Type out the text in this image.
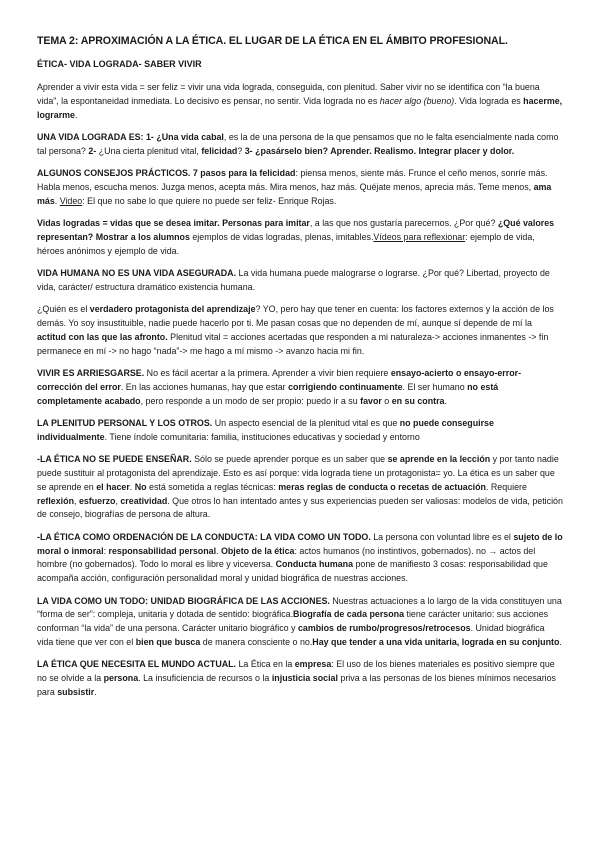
TEMA 2: APROXIMACIÓN A LA ÉTICA. EL LUGAR DE LA ÉTICA EN EL ÁMBITO PROFESIONAL.
ÉTICA- VIDA LOGRADA- SABER VIVIR

Aprender a vivir esta vida = ser feliz = vivir una vida lograda, conseguida, con plenitud. Saber vivir no se identifica con “la buena vida”, la espontaneidad inmediata. Lo decisivo es pensar, no sentir. Vida lograda no es hacer algo (bueno). Vida lograda es hacerme, lograrme.

UNA VIDA LOGRADA ES: 1- ¿Una vida cabal, es la de una persona de la que pensamos que no le falta esencialmente nada como tal persona? 2- ¿Una cierta plenitud vital, felicidad? 3- ¿pasárselo bien? Aprender. Realismo. Integrar placer y dolor.

ALGUNOS CONSEJOS PRÁCTICOS. 7 pasos para la felicidad: piensa menos, siente más. Frunce el ceño menos, sonríe más. Habla menos, escucha menos. Juzga menos, acepta más. Mira menos, haz más. Quéjate menos, aprecia más. Teme menos, ama más. Video: El que no sabe lo que quiere no puede ser feliz- Enrique Rojas.

Vidas logradas = vidas que se desea imitar. Personas para imitar, a las que nos gustaría parecernos. ¿Por qué? ¿Qué valores representan? Mostrar a los alumnos ejemplos de vidas logradas, plenas, imitables.Vídeos para reflexionar: ejemplo de vida, héroes anónimos y ejemplo de vida.

VIDA HUMANA NO ES UNA VIDA ASEGURADA. La vida humana puede malograrse o lograrse. ¿Por qué? Libertad, proyecto de vida, carácter/ estructura dramático existencia humana.

¿Quién es el verdadero protagonista del aprendizaje? YO, pero hay que tener en cuenta: los factores externos y la acción de los demás. Yo soy insustituible, nadie puede hacerlo por ti. Me pasan cosas que no dependen de mí, aunque sí depende de mí la actitud con las que las afronto. Plenitud vital = acciones acertadas que responden a mi naturaleza-> acciones inmanentes -> fin permanece en mí -> no hago “nada”-> me hago a mí mismo -> avanzo hacia mi fin.

VIVIR ES ARRIESGARSE. No es fácil acertar a la primera. Aprender a vivir bien requiere ensayo-acierto o ensayo-error-corrección del error. En las acciones humanas, hay que estar corrigiendo continuamente. El ser humano no está completamente acabado, pero responde a un modo de ser propio: puedo ir a su favor o en su contra.

LA PLENITUD PERSONAL Y LOS OTROS. Un aspecto esencial de la plenitud vital es que no puede conseguirse individualmente. Tiene índole comunitaria: familia, instituciones educativas y sociedad y entorno

-LA ÉTICA NO SE PUEDE ENSEÑAR. Sólo se puede aprender porque es un saber que se aprende en la lección y por tanto nadie puede sustituir al protagonista del aprendizaje. Esto es así porque: vida lograda tiene un protagonista= yo. La ética es un saber que se aprende en el hacer. No está sometida a reglas técnicas: meras reglas de conducta o recetas de actuación. Requiere reflexión, esfuerzo, creatividad. Que otros lo han intentado antes y sus experiencias pueden ser valiosas: modelos de vida, petición de consejo, biografías de persona de altura.

-LA ÉTICA COMO ORDENACIÓN DE LA CONDUCTA: LA VIDA COMO UN TODO. La persona con voluntad libre es el sujeto de lo moral o inmoral: responsabilidad personal. Objeto de la ética: actos humanos (no instintivos, gobernados). no → actos del hombre (no gobernados). Todo lo moral es libre y viceversa. Conducta humana pone de manifiesto 3 cosas: responsabilidad que acompaña acción, configuración personalidad moral y unidad biográfica de nuestras acciones.

LA VIDA COMO UN TODO: UNIDAD BIOGRÁFICA DE LAS ACCIONES. Nuestras actuaciones a lo largo de la vida constituyen una “forma de ser”: compleja, unitaria y dotada de sentido: biográfica.Biografía de cada persona tiene carácter unitario: sus acciones conforman “la vida” de una persona. Carácter unitario biográfico y cambios de rumbo/progresos/retrocesos. Unidad biográfica vida tiene que ver con el bien que busca de manera consciente o no.Hay que tender a una vida unitaria, lograda en su conjunto.

LA ÉTICA QUE NECESITA EL MUNDO ACTUAL. La Ética en la empresa: El uso de los bienes materiales es positivo siempre que no se olvide a la persona. La insuficiencia de recursos o la injusticia social priva a las personas de los bienes mínimos necesarios para subsistir.
